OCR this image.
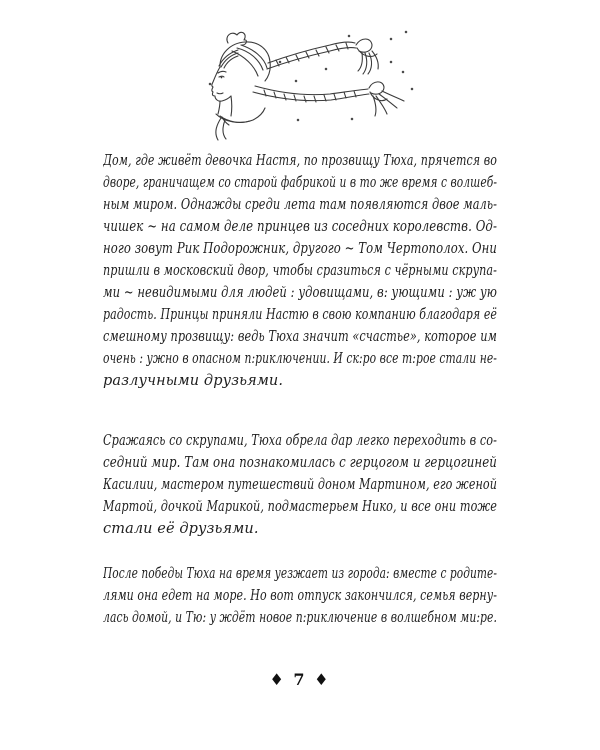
Дом, где живёт девочка Настя, по прозвищу Тюха, прячется во
дворе, граничащем со старой фабрикой и в то же время с волшеб-
ным миром. Однажды среди лета там появляются двое маль-
чишек ~ на самом деле принцев из соседних королевств. Од-
ного зовут Рик Подорожник, другого ~ Том Чертополох. Они
пришли в московский двор, чтобы сразиться с чёрными скрупа-
ми ~ невидимыми для людей : удовищами, в: ующими : уж ую
радость. Принцы приняли Настю в свою компанию благодаря её
смешному прозвищу: ведь Тюха значит «счастье», которое им
очень : ужно в опасном п:риключении. И ск:ро все т:рое стали не-
разлучными друзьями.
Сражаясь со скрупами, Тюха обрела дар легко переходить в со-
седний мир. Там она познакомилась с герцогом и герцогиней
Касилии, мастером путешествий доном Мартином, его женой
Мартой, дочкой Марикой, подмастерьем Нико, и все они тоже
стали её друзьями.
После победы Тюха на время уезжает из города: вместе с родите-
лями она едет на море. Но вот отпуск закончился, семья верну-
лась домой, и Тю: у ждёт новое п:риключение в волшебном ми:ре.
♦ 7 ♦
